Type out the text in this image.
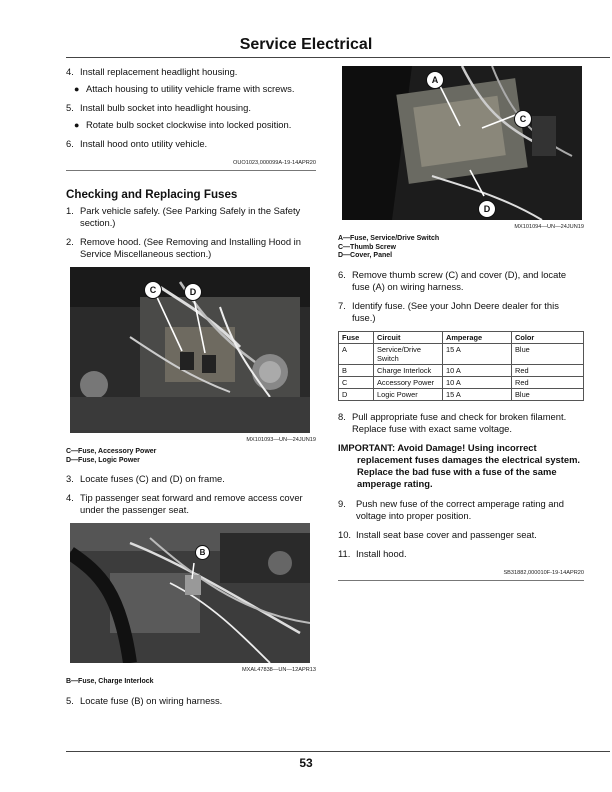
Service Electrical
4. Install replacement headlight housing.
● Attach housing to utility vehicle frame with screws.
5. Install bulb socket into headlight housing.
● Rotate bulb socket clockwise into locked position.
6. Install hood onto utility vehicle.
OUO1023,000099A-19-14APR20
Checking and Replacing Fuses
1. Park vehicle safely. (See Parking Safely in the Safety section.)
2. Remove hood. (See Removing and Installing Hood in Service Miscellaneous section.)
C	D
MX101093—UN—24JUN19
C—Fuse, Accessory Power
D—Fuse, Logic Power
3. Locate fuses (C) and (D) on frame.
4. Tip passenger seat forward and remove access cover under the passenger seat.
B
MXAL47838—UN—12APR13
B—Fuse, Charge Interlock
5. Locate fuse (B) on wiring harness.
A
C
D
MX101094—UN—24JUN19
A—Fuse, Service/Drive Switch
C—Thumb Screw
D—Cover, Panel
6. Remove thumb screw (C) and cover (D), and locate fuse (A) on wiring harness.
7. Identify fuse. (See your John Deere dealer for this fuse.)
Fuse	Circuit	Amperage	Color
A	Service/Drive Switch	15 A	Blue
B	Charge Interlock	10 A	Red
C	Accessory Power	10 A	Red
D	Logic Power	15 A	Blue
8. Pull appropriate fuse and check for broken filament. Replace fuse with exact same voltage.
IMPORTANT: Avoid Damage! Using incorrect
replacement fuses damages the electrical system. Replace the bad fuse with a fuse of the same amperage rating.
9.	Push new fuse of the correct amperage rating and voltage into proper position.
10. Install seat base cover and passenger seat.
11. Install hood.
SB31882,000010F-19-14APR20
53
